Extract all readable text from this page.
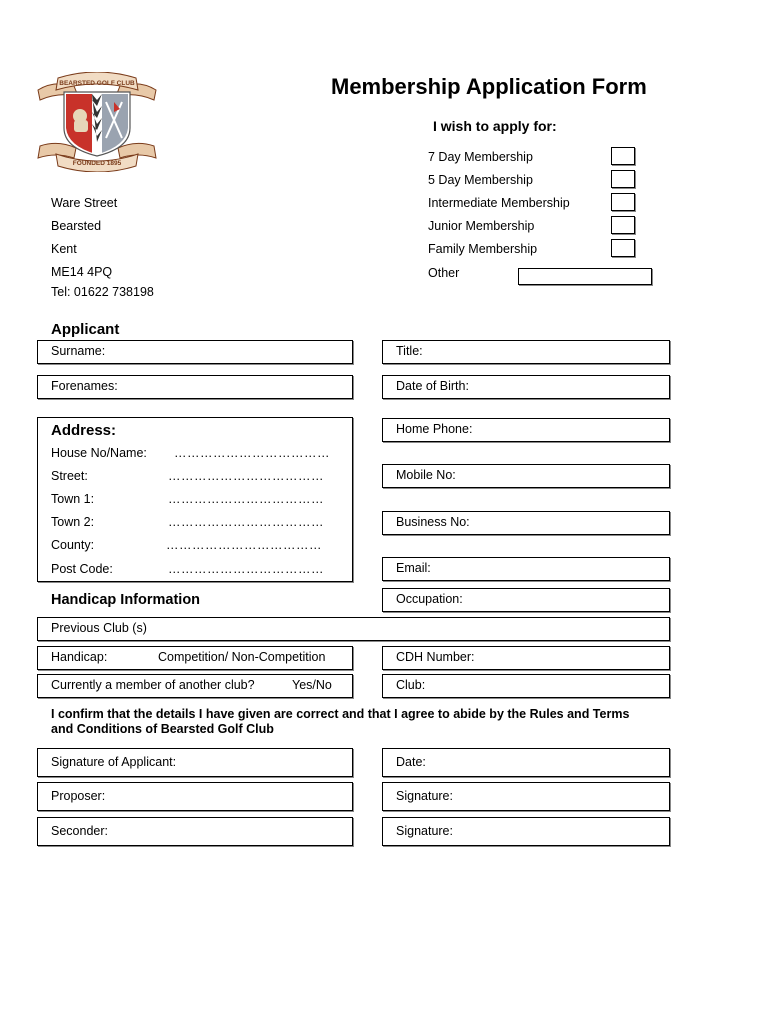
BEARSTED GOLF CLUB
FOUNDED 1895
Membership Application Form
I wish to apply for:
7 Day Membership
5 Day Membership
Intermediate Membership
Junior Membership
Family Membership
Other
Ware Street
Bearsted
Kent
ME14 4PQ
Tel: 01622 738198
Applicant
Surname:	Title:
Forenames:	Date of Birth:
Address:
House No/Name: ………………………………
Street:	………………………………
Town 1:	………………………………
Town 2:	………………………………
County:	………………………………
Post Code:	………………………………
Home Phone:
Mobile No:
Business No:
Email:
Handicap Information	Occupation:
Previous Club (s)
Handicap:	Competition/ Non-Competition	CDH Number:
Currently a member of another club?	Yes/No	Club:
I confirm that the details I have given are correct and that I agree to abide by the Rules and Terms
and Conditions of Bearsted Golf Club
Signature of Applicant:	Date:
Proposer:	Signature:
Seconder:	Signature:
